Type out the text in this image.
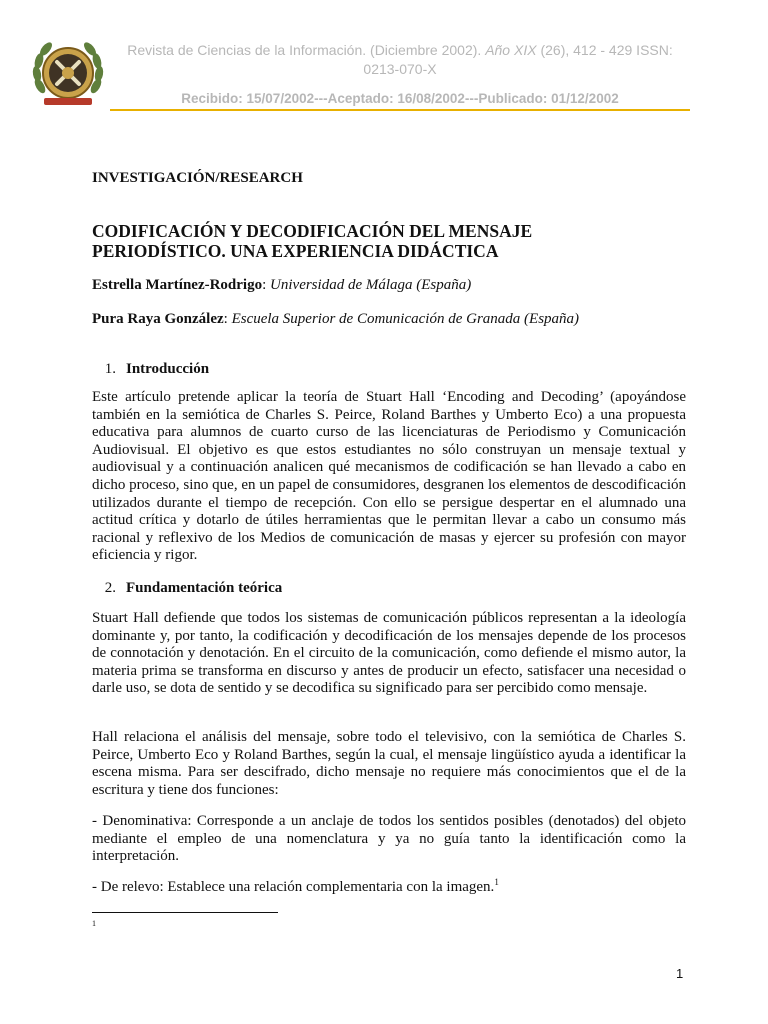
Revista de Ciencias de la Información. (Diciembre 2002). Año XIX (26), 412 - 429 ISSN:
0213-070-X
Recibido: 15/07/2002---Aceptado: 16/08/2002---Publicado: 01/12/2002
INVESTIGACIÓN/RESEARCH
CODIFICACIÓN Y DECODIFICACIÓN DEL MENSAJE
PERIODÍSTICO. UNA EXPERIENCIA DIDÁCTICA
Estrella Martínez-Rodrigo: Universidad de Málaga (España)
Pura Raya González: Escuela Superior de Comunicación de Granada (España)
1. Introducción
Este artículo pretende aplicar la teoría de Stuart Hall ‘Encoding and Decoding’ (apoyándose también en la semiótica de Charles S. Peirce, Roland Barthes y Umberto Eco) a una propuesta educativa para alumnos de cuarto curso de las licenciaturas de Periodismo y Comunicación Audiovisual. El objetivo es que estos estudiantes no sólo construyan un mensaje textual y audiovisual y a continuación analicen qué mecanismos de codificación se han llevado a cabo en dicho proceso, sino que, en un papel de consumidores, desgranen los elementos de descodificación utilizados durante el tiempo de recepción. Con ello se persigue despertar en el alumnado una actitud crítica y dotarlo de útiles herramientas que le permitan llevar a cabo un consumo más racional y reflexivo de los Medios de comunicación de masas y ejercer su profesión con mayor eficiencia y rigor.
2. Fundamentación teórica
Stuart Hall defiende que todos los sistemas de comunicación públicos representan a la ideología dominante y, por tanto, la codificación y decodificación de los mensajes depende de los procesos de connotación y denotación. En el circuito de la comunicación, como defiende el mismo autor, la materia prima se transforma en discurso y antes de producir un efecto, satisfacer una necesidad o darle uso, se dota de sentido y se decodifica su significado para ser percibido como mensaje.
Hall relaciona el análisis del mensaje, sobre todo el televisivo, con la semiótica de Charles S. Peirce, Umberto Eco y Roland Barthes, según la cual, el mensaje lingüístico ayuda a identificar la escena misma. Para ser descifrado, dicho mensaje no requiere más conocimientos que el de la escritura y tiene dos funciones:
- Denominativa: Corresponde a un anclaje de todos los sentidos posibles (denotados) del objeto mediante el empleo de una nomenclatura y ya no guía tanto la identificación como la interpretación.
- De relevo: Establece una relación complementaria con la imagen.$^1$
1
1
